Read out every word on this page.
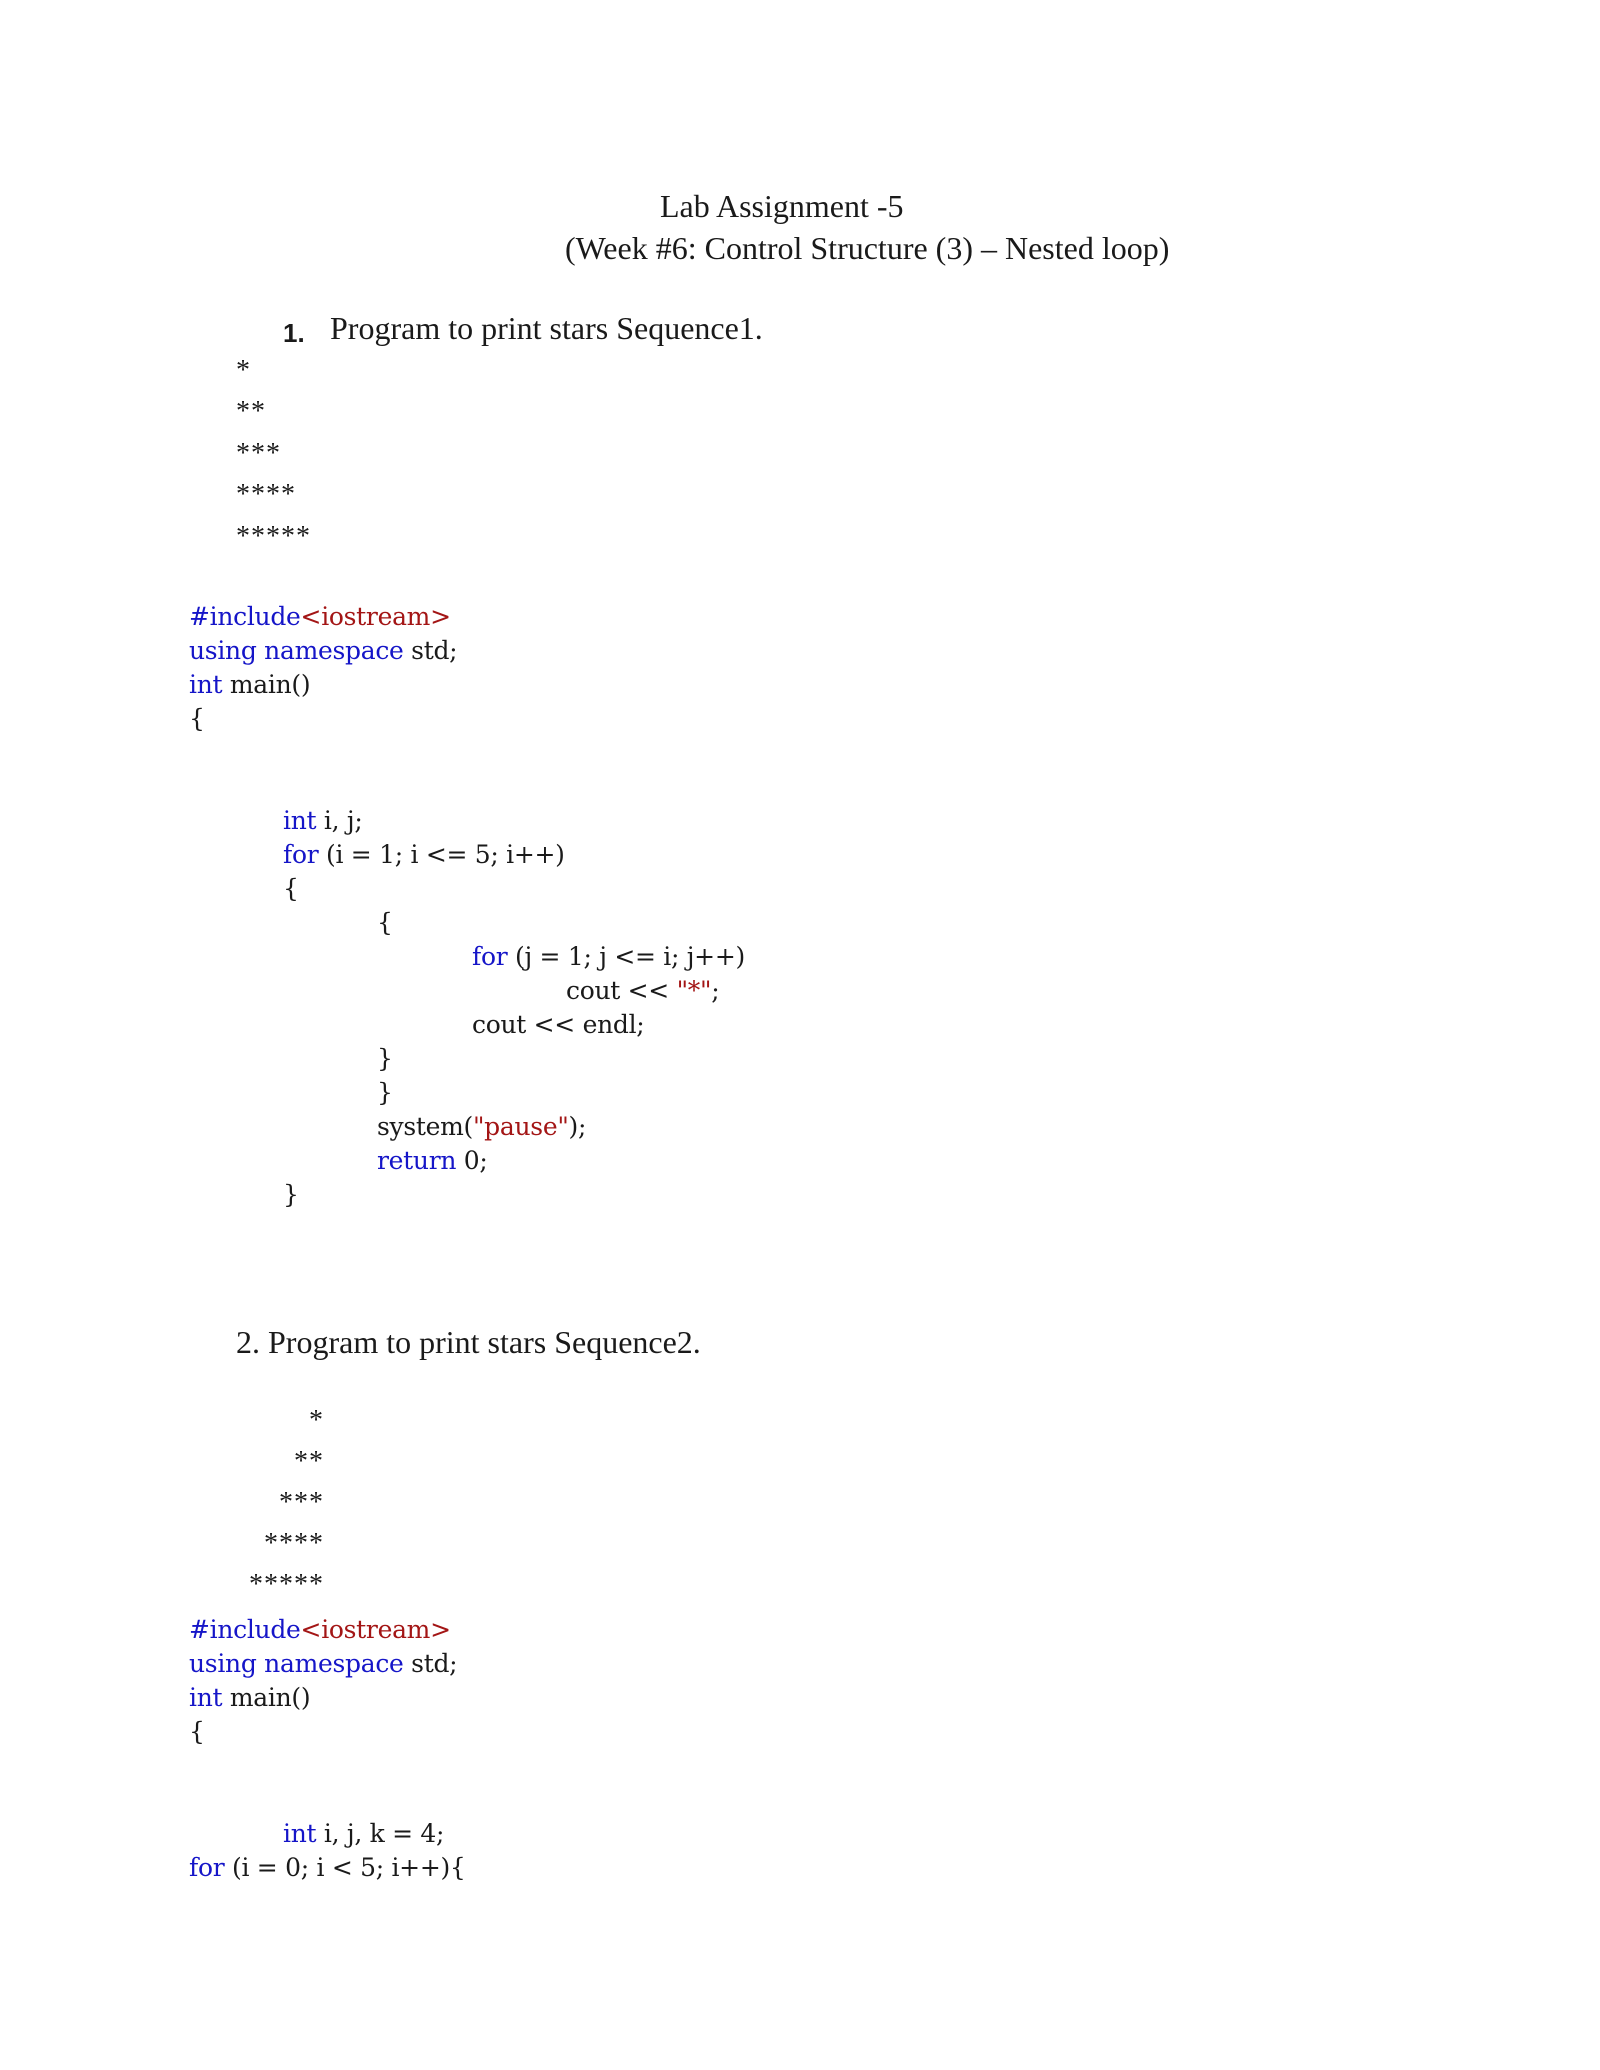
Lab Assignment -5
(Week #6: Control Structure (3) – Nested loop)
1. Program to print stars Sequence1.
*
**
***
****
*****
#include<iostream>
using namespace std;
int main()
{
int i, j;
for (i = 1; i <= 5; i++)
{
{
for (j = 1; j <= i; j++)
cout << "*";
cout << endl;
}
}
system("pause");
return 0;
}
2. Program to print stars Sequence2.
*
**
***
****
*****
#include<iostream>
using namespace std;
int main()
{
int i, j, k = 4;
for (i = 0; i < 5; i++){
